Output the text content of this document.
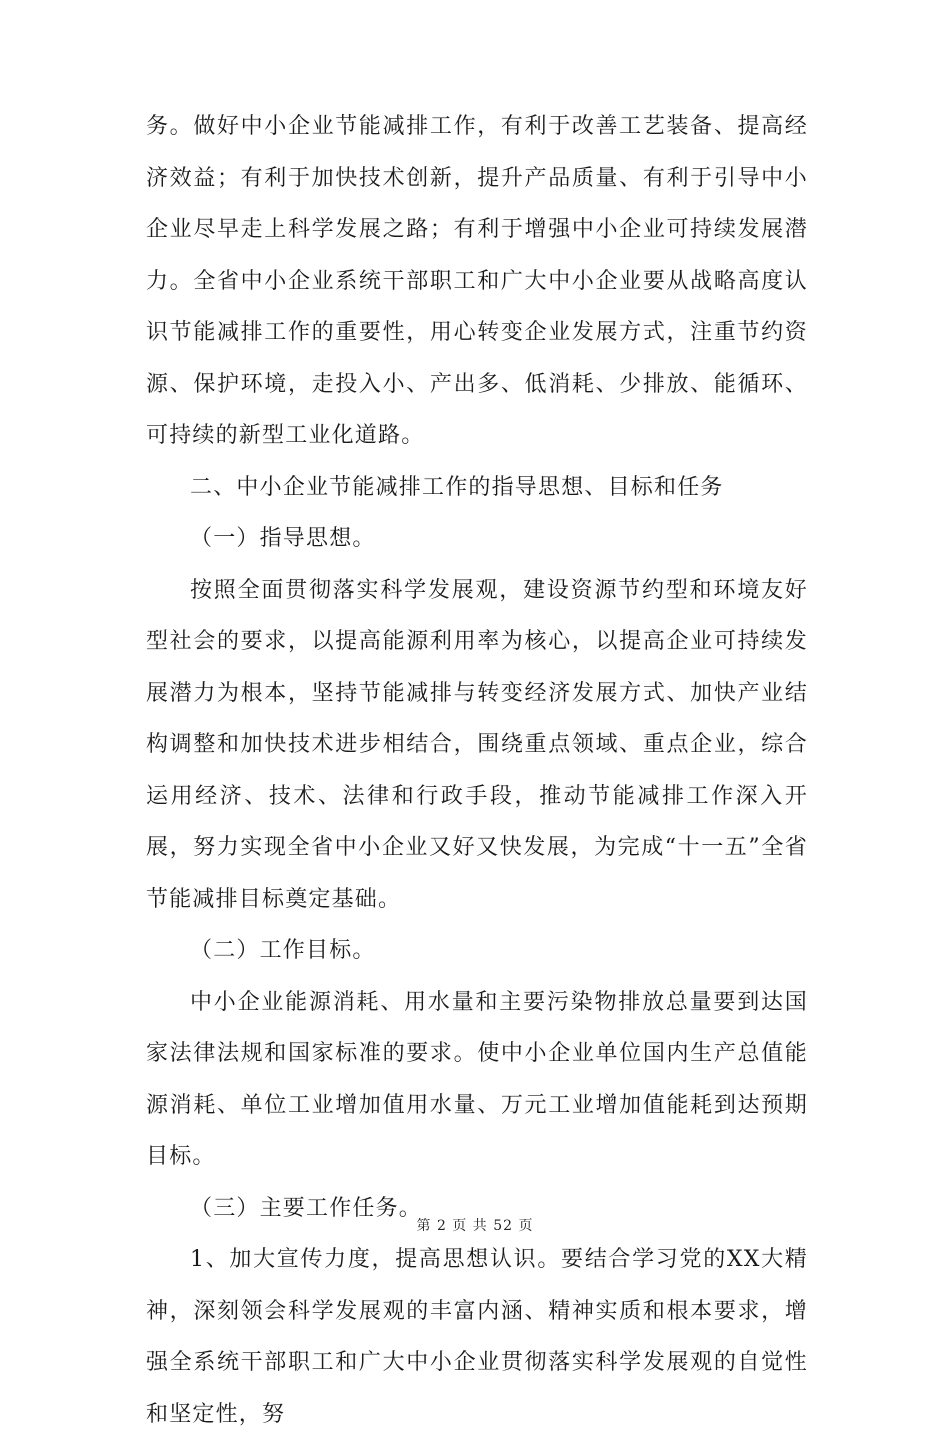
务。做好中小企业节能减排工作，有利于改善工艺装备、提高经济效益；有利于加快技术创新，提升产品质量、有利于引导中小企业尽早走上科学发展之路；有利于增强中小企业可持续发展潜力。全省中小企业系统干部职工和广大中小企业要从战略高度认识节能减排工作的重要性，用心转变企业发展方式，注重节约资源、保护环境，走投入小、产出多、低消耗、少排放、能循环、可持续的新型工业化道路。

二、中小企业节能减排工作的指导思想、目标和任务

（一）指导思想。

按照全面贯彻落实科学发展观，建设资源节约型和环境友好型社会的要求，以提高能源利用率为核心，以提高企业可持续发展潜力为根本，坚持节能减排与转变经济发展方式、加快产业结构调整和加快技术进步相结合，围绕重点领域、重点企业，综合运用经济、技术、法律和行政手段，推动节能减排工作深入开展，努力实现全省中小企业又好又快发展，为完成“十一五”全省节能减排目标奠定基础。

（二）工作目标。

中小企业能源消耗、用水量和主要污染物排放总量要到达国家法律法规和国家标准的要求。使中小企业单位国内生产总值能源消耗、单位工业增加值用水量、万元工业增加值能耗到达预期目标。

（三）主要工作任务。

1、加大宣传力度，提高思想认识。要结合学习党的XX大精神，深刻领会科学发展观的丰富内涵、精神实质和根本要求，增强全系统干部职工和广大中小企业贯彻落实科学发展观的自觉性和坚定性，努

第 2 页 共 52 页
